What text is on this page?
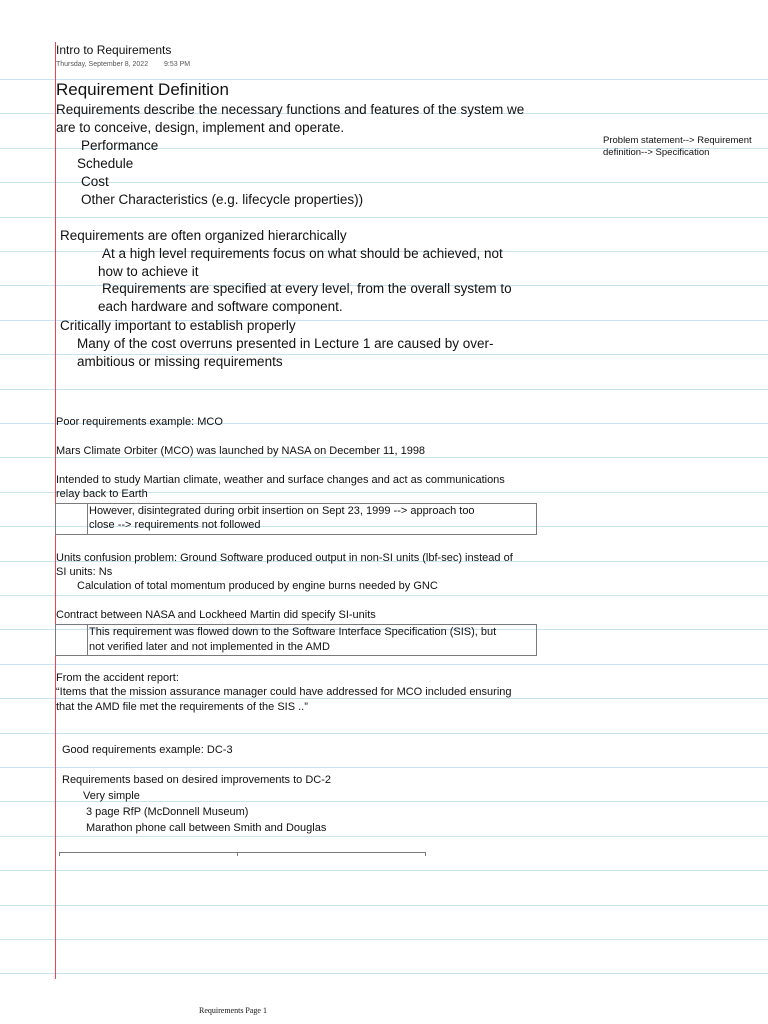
Intro to Requirements
Thursday, September 8, 2022 9:53 PM
Problem statement--> Requirement
definition--> Specification
Requirement Definition
Requirements describe the necessary functions and features of the system we
are to conceive, design, implement and operate.
Performance
Schedule
Cost
Other Characteristics (e.g. lifecycle properties))
Requirements are often organized hierarchically
At a high level requirements focus on what should be achieved, not
how to achieve it
Requirements are specified at every level, from the overall system to
each hardware and software component.
Critically important to establish properly
Many of the cost overruns presented in Lecture 1 are caused by over-
ambitious or missing requirements
Poor requirements example: MCO
Mars Climate Orbiter (MCO) was launched by NASA on December 11, 1998
Intended to study Martian climate, weather and surface changes and act as communications
relay back to Earth
However, disintegrated during orbit insertion on Sept 23, 1999 --> approach too
close --> requirements not followed
Units confusion problem: Ground Software produced output in non-SI units (lbf-sec) instead of
SI units: Ns
Calculation of total momentum produced by engine burns needed by GNC
Contract between NASA and Lockheed Martin did specify SI-units
This requirement was flowed down to the Software Interface Specification (SIS), but
not verified later and not implemented in the AMD
From the accident report:
“Items that the mission assurance manager could have addressed for MCO included ensuring
that the AMD file met the requirements of the SIS ..”
Good requirements example: DC-3
Requirements based on desired improvements to DC-2
Very simple
3 page RfP (McDonnell Museum)
Marathon phone call between Smith and Douglas
Requirements Page 1
